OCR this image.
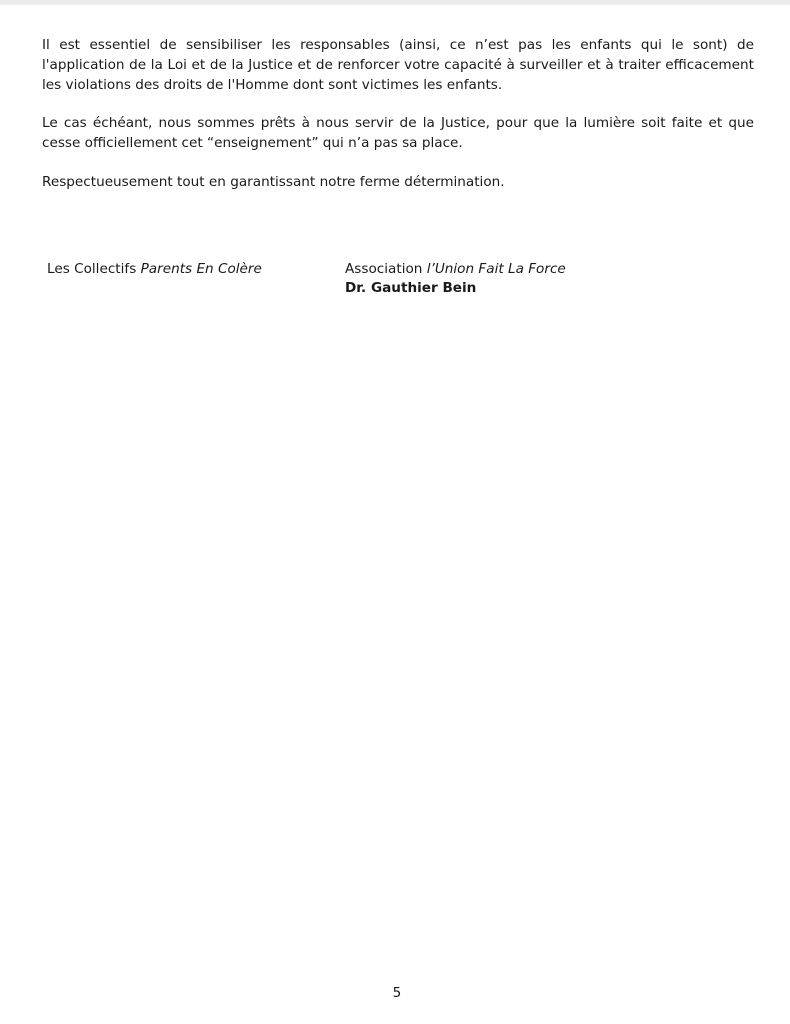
Il est essentiel de sensibiliser les responsables (ainsi, ce n’est pas les enfants qui le sont) de l'application de la Loi et de la Justice et de renforcer votre capacité à surveiller et à traiter efficacement les violations des droits de l'Homme dont sont victimes les enfants.

Le cas échéant, nous sommes prêts à nous servir de la Justice, pour que la lumière soit faite et que cesse officiellement cet “enseignement” qui n’a pas sa place.

Respectueusement tout en garantissant notre ferme détermination.

Les Collectifs Parents En Colère	Association l’Union Fait La Force
Dr. Gauthier Bein
5
